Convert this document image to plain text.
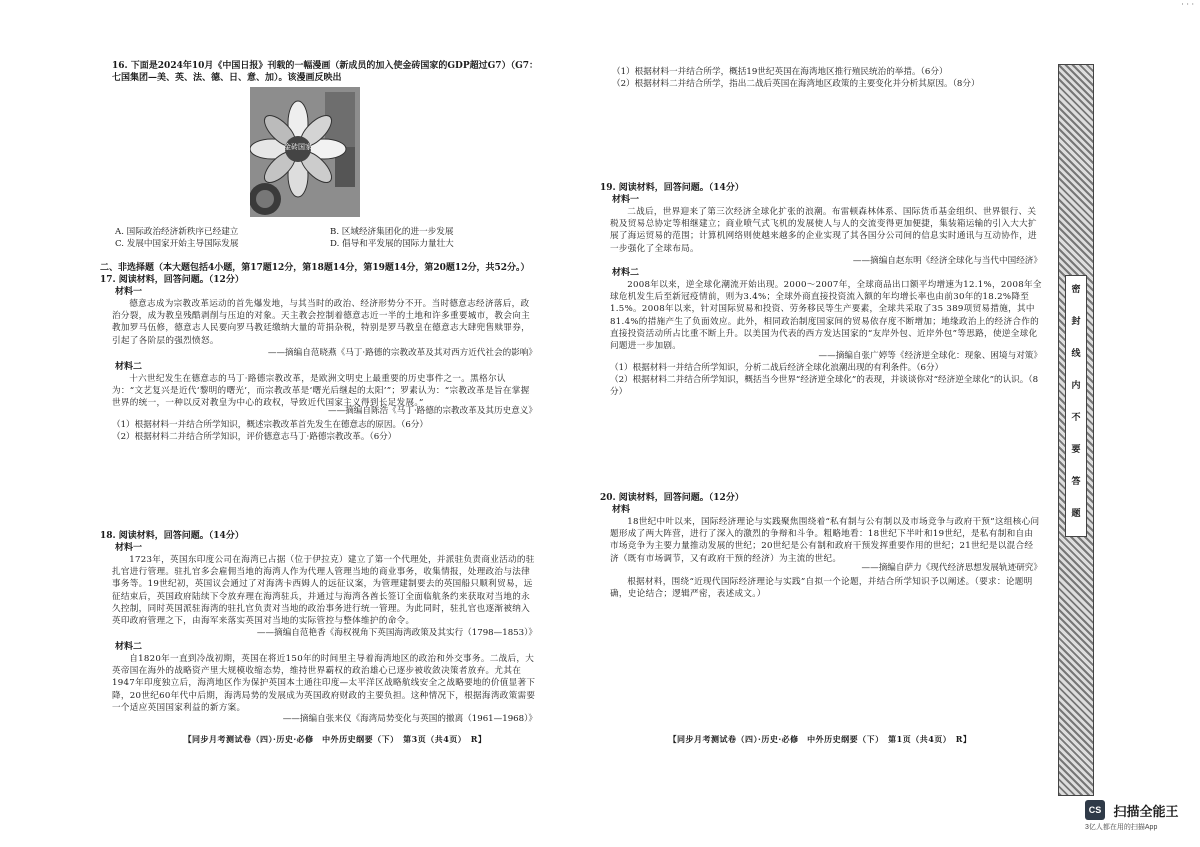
16. 下面是2024年10月《中国日报》刊载的一幅漫画（新成员的加入使金砖国家的GDP超过G7）（G7：七国集团—美、英、法、德、日、意、加）。该漫画反映出
金砖国家
A. 国际政治经济新秩序已经建立	B. 区域经济集团化的进一步发展
C. 发展中国家开始主导国际发展	D. 倡导和平发展的国际力量壮大
二、非选择题（本大题包括4小题，第17题12分，第18题14分，第19题14分，第20题12分，共52分。）
17. 阅读材料，回答问题。（12分）
材料一
德意志成为宗教改革运动的首先爆发地，与其当时的政治、经济形势分不开。当时德意志经济落后，政治分裂，成为教皇残酷剥削与压迫的对象。天主教会控制着德意志近一半的土地和许多重要城市，教会向主教加罗马伍修，德意志人民要向罗马教廷缴纳大量的苛捐杂税，特别是罗马教皇在德意志大肆兜售赎罪券，引起了各阶层的强烈愤怒。
——摘编自范晓燕《马丁·路德的宗教改革及其对西方近代社会的影响》
材料二
十六世纪发生在德意志的马丁·路德宗教改革，是欧洲文明史上最重要的历史事件之一。黑格尔认为：“文艺复兴是近代‘黎明的曙光’，而宗教改革是‘曙光后继起的太阳’”；罗素认为：“宗教改革是旨在掌握世界的统一，一种以反对教皇为中心的政权，导致近代国家主义得到长足发展。”
——摘编自陈浩《马丁·路德的宗教改革及其历史意义》
（1）根据材料一并结合所学知识，概述宗教改革首先发生在德意志的原因。（6分）
（2）根据材料二并结合所学知识，评价德意志马丁·路德宗教改革。（6分）
18. 阅读材料，回答问题。（14分）
材料一
1723年，英国东印度公司在海湾已占据（位于伊拉克）建立了第一个代理处，并派驻负责商业活动的驻扎官进行管理。驻扎官多会雇佣当地的海湾人作为代理人管理当地的商业事务，收集情报，处理政治与法律事务等。19世纪初，英国议会通过了对海湾卡西姆人的远征议案，为管理建制要去的英国船只顺利贸易，远征结束后，英国政府陆续下令放弃理在海湾驻兵，并通过与海湾各酋长签订全面临航条约来获取对当地的永久控制，同时英国派驻海湾的驻扎官负责对当地的政治事务进行统一管理。为此同时，驻扎官也逐渐被纳入英印政府管理之下，由海军来落实英国对当地的实际管控与整体维护的命令。
——摘编自范艳香《海权视角下英国海湾政策及其实行（1798—1853）》
材料二
自1820年一直到冷战初期，英国在将近150年的时间里主导着海湾地区的政治和外交事务。二战后，大英帝国在海外的战略资产里大规模收缩态势，维持世界霸权的政治雄心已逐步被收敛决策者放弃。尤其在1947年印度独立后，海湾地区作为保护英国本土通往印度—太平洋区战略航线安全之战略要地的价值显著下降，20世纪60年代中后期，海湾局势的发展成为英国政府财政的主要负担。这种情况下，根据海湾政策需要一个适应英国国家利益的新方案。
——摘编自张来仪《海湾局势变化与英国的撤离（1961—1968）》
【同步月考测试卷（四）·历史·必修　中外历史纲要（下）　第3页（共4页）　R】
（1）根据材料一并结合所学，概括19世纪英国在海湾地区推行殖民统治的举措。（6分）
（2）根据材料二并结合所学，指出二战后英国在海湾地区政策的主要变化并分析其原因。（8分）
19. 阅读材料，回答问题。（14分）
材料一
二战后，世界迎来了第三次经济全球化扩张的浪潮。布雷顿森林体系、国际货币基金组织、世界银行、关税及贸易总协定等相继建立；商业喷气式飞机的发展使人与人的交流变得更加便捷，集装箱运输的引入大大扩展了海运贸易的范围；计算机网络则使越来越多的企业实现了其各国分公司间的信息实时通讯与互动协作，进一步强化了全球布局。
——摘编自赵东明《经济全球化与当代中国经济》
材料二
2008年以来，逆全球化潮流开始出现。2000～2007年，全球商品出口额平均增速为12.1%，2008年全球危机发生后至新冠疫情前，则为3.4%；全球外商直接投资流入额的年均增长率也由前30年的18.2%降至1.5%。2008年以来，针对国际贸易和投资、劳务移民等生产要素，全球共采取了35 389项贸易措施，其中81.4%的措施产生了负面效应。此外，相同政治制度国家间的贸易依存度不断增加；地缘政治上的经济合作的直接投资活动所占比重不断上升。以美国为代表的西方发达国家的“友岸外包、近岸外包”等思路，使逆全球化问题进一步加剧。
——摘编自张广婷等《经济逆全球化：现象、困境与对策》
（1）根据材料一并结合所学知识，分析二战后经济全球化浪潮出现的有利条件。（6分）
（2）根据材料二并结合所学知识，概括当今世界“经济逆全球化”的表现，并谈谈你对“经济逆全球化”的认识。（8分）
20. 阅读材料，回答问题。（12分）
材料
18世纪中叶以来，国际经济理论与实践聚焦围绕着“私有制与公有制以及市场竞争与政府干预”这组核心问题形成了两大阵营，进行了深入的激烈的争辩和斗争。粗略地看：18世纪下半叶和19世纪，是私有制和自由市场竞争为主要力量推动发展的世纪；20世纪是公有制和政府干预发挥重要作用的世纪；21世纪是以混合经济（既有市场调节，又有政府干预的经济）为主流的世纪。
——摘编自萨力《现代经济思想发展轨迹研究》
根据材料，围绕“近现代国际经济理论与实践”自拟一个论题，并结合所学知识予以阐述。（要求：论题明确，史论结合；逻辑严密，表述成文。）
【同步月考测试卷（四）·历史·必修　中外历史纲要（下）　第1页（共4页）　R】
密
封
线
内
不
要
答
题
· · ·
CS 扫描全能王
3亿人都在用的扫描App
